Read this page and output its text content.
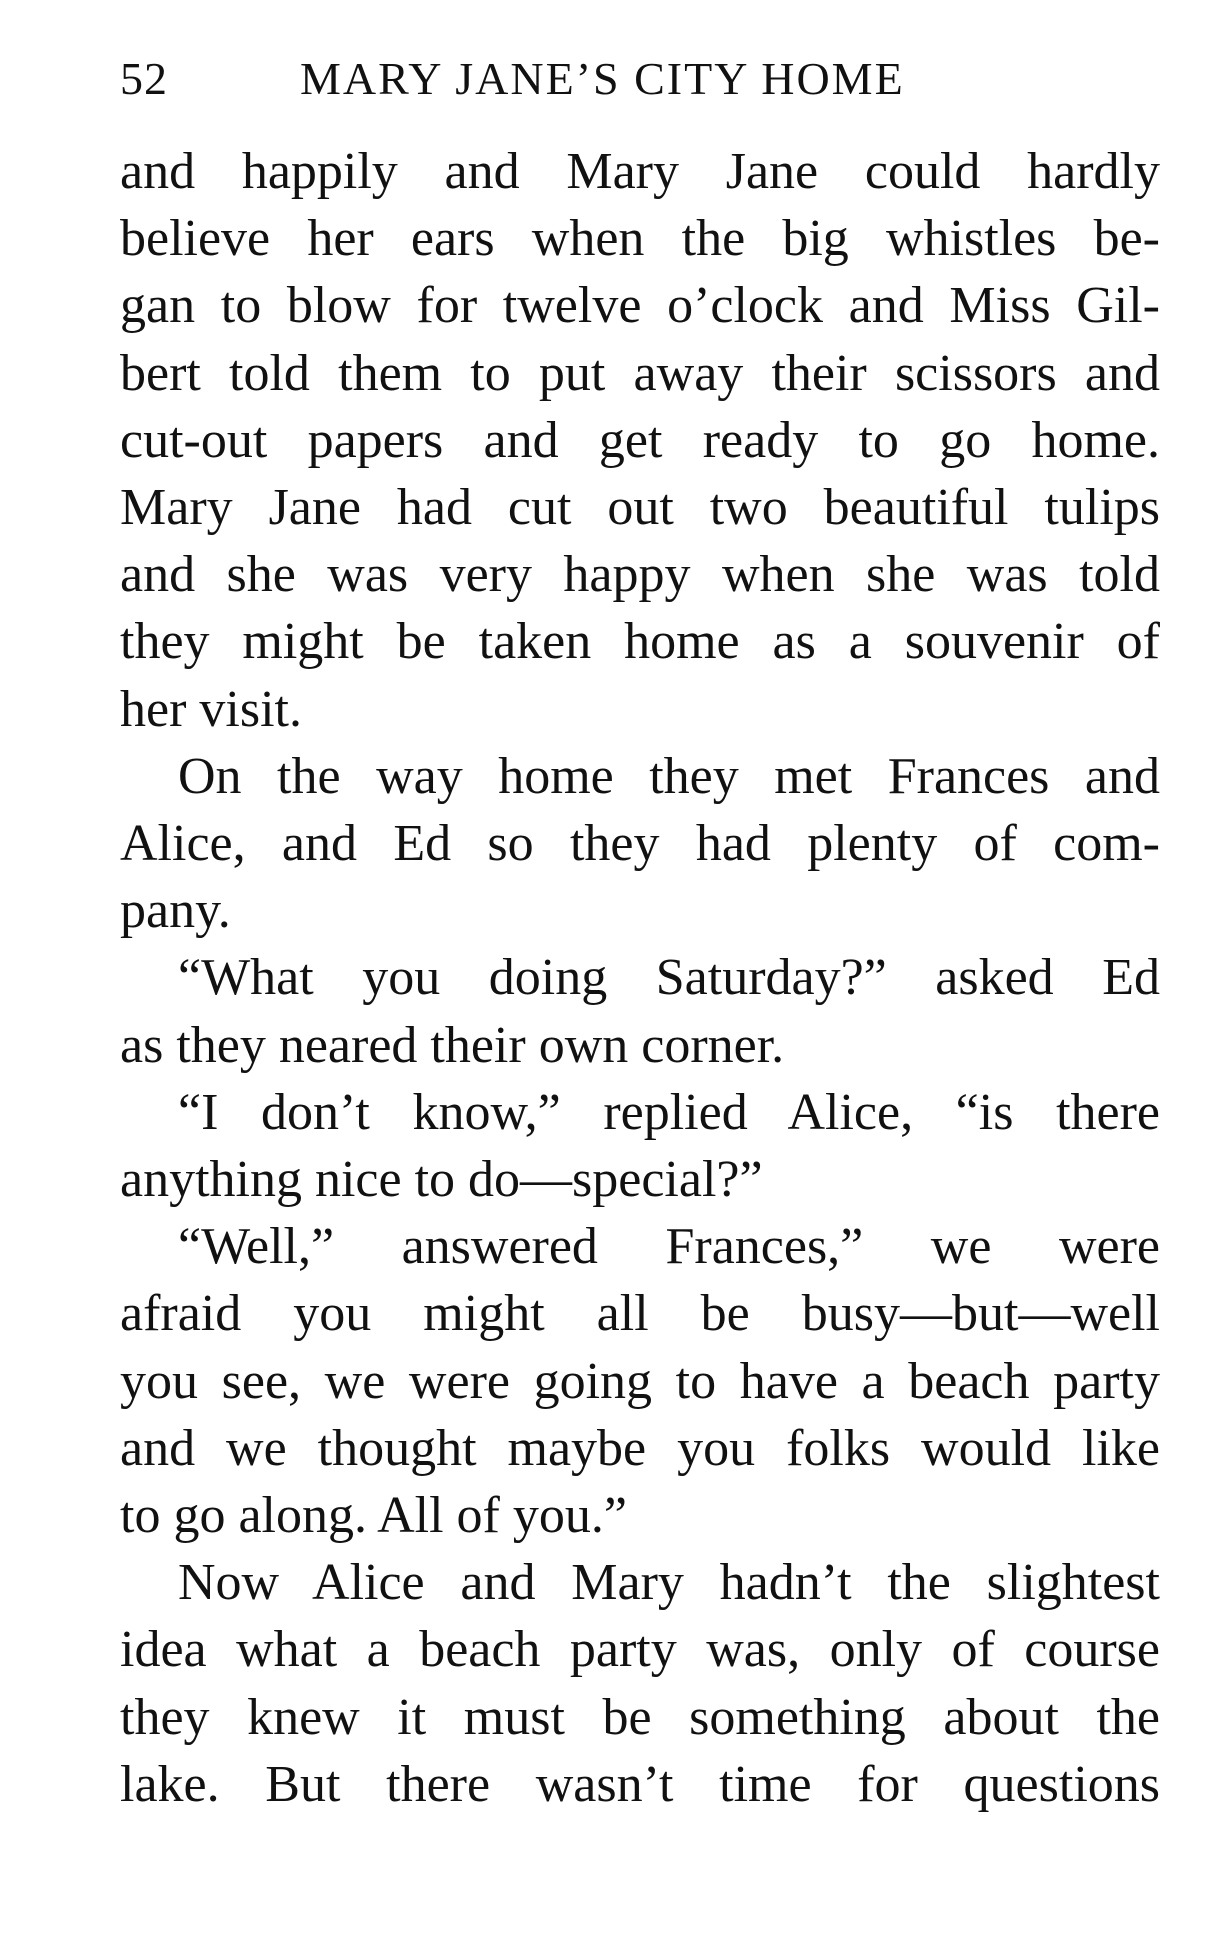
52	MARY JANE’S CITY HOME
and happily and Mary Jane could hardly
believe her ears when the big whistles be-
gan to blow for twelve o’clock and Miss Gil-
bert told them to put away their scissors and
cut-out papers and get ready to go home.
Mary Jane had cut out two beautiful tulips
and she was very happy when she was told
they might be taken home as a souvenir of
her visit.
On the way home they met Frances and
Alice, and Ed so they had plenty of com-
pany.
“What you doing Saturday?” asked Ed
as they neared their own corner.
“I don’t know,” replied Alice, “is there
anything nice to do—special?”
“Well,” answered Frances,” we were
afraid you might all be busy—but—well
you see, we were going to have a beach party
and we thought maybe you folks would like
to go along. All of you.”
Now Alice and Mary hadn’t the slightest
idea what a beach party was, only of course
they knew it must be something about the
lake. But there wasn’t time for questions
